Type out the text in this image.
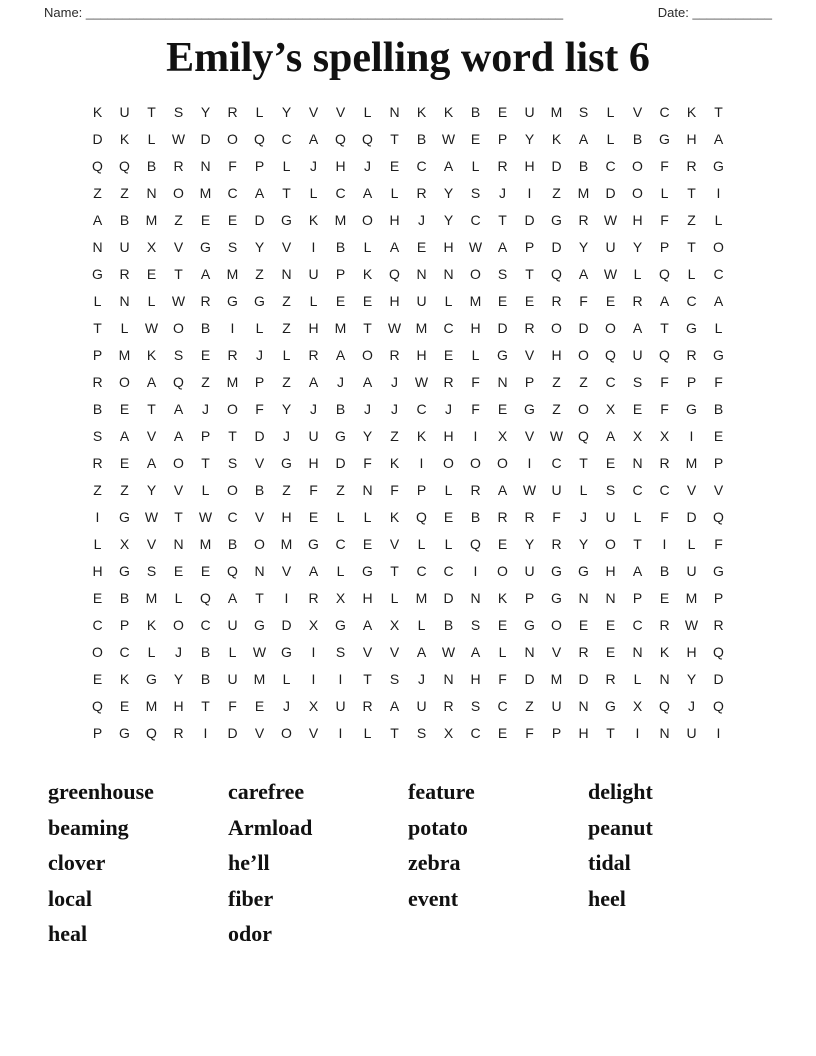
Name: __________________________________________________________________	Date: ___________
Emily’s spelling word list 6
K	U	T	S	Y	R	L	Y	V	V	L	N	K	K	B	E	U	M	S	L	V	C	K	T
D	K	L	W	D	O	Q	C	A	Q	Q	T	B	W	E	P	Y	K	A	L	B	G	H	A
Q	Q	B	R	N	F	P	L	J	H	J	E	C	A	L	R	H	D	B	C	O	F	R	G
Z	Z	N	O	M	C	A	T	L	C	A	L	R	Y	S	J	I	Z	M	D	O	L	T	I
A	B	M	Z	E	E	D	G	K	M	O	H	J	Y	C	T	D	G	R	W	H	F	Z	L
N	U	X	V	G	S	Y	V	I	B	L	A	E	H	W	A	P	D	Y	U	Y	P	T	O
G	R	E	T	A	M	Z	N	U	P	K	Q	N	N	O	S	T	Q	A	W	L	Q	L	C
L	N	L	W	R	G	G	Z	L	E	E	H	U	L	M	E	E	R	F	E	R	A	C	A
T	L	W	O	B	I	L	Z	H	M	T	W	M	C	H	D	R	O	D	O	A	T	G	L
P	M	K	S	E	R	J	L	R	A	O	R	H	E	L	G	V	H	O	Q	U	Q	R	G
R	O	A	Q	Z	M	P	Z	A	J	A	J	W	R	F	N	P	Z	Z	C	S	F	P	F
B	E	T	A	J	O	F	Y	J	B	J	J	C	J	F	E	G	Z	O	X	E	F	G	B
S	A	V	A	P	T	D	J	U	G	Y	Z	K	H	I	X	V	W	Q	A	X	X	I	E
R	E	A	O	T	S	V	G	H	D	F	K	I	O	O	O	I	C	T	E	N	R	M	P
Z	Z	Y	V	L	O	B	Z	F	Z	N	F	P	L	R	A	W	U	L	S	C	C	V	V
I	G	W	T	W	C	V	H	E	L	L	K	Q	E	B	R	R	F	J	U	L	F	D	Q
L	X	V	N	M	B	O	M	G	C	E	V	L	L	Q	E	Y	R	Y	O	T	I	L	F
H	G	S	E	E	Q	N	V	A	L	G	T	C	C	I	O	U	G	G	H	A	B	U	G
E	B	M	L	Q	A	T	I	R	X	H	L	M	D	N	K	P	G	N	N	P	E	M	P
C	P	K	O	C	U	G	D	X	G	A	X	L	B	S	E	G	O	E	E	C	R	W	R
O	C	L	J	B	L	W	G	I	S	V	V	A	W	A	L	N	V	R	E	N	K	H	Q
E	K	G	Y	B	U	M	L	I	I	T	S	J	N	H	F	D	M	D	R	L	N	Y	D
Q	E	M	H	T	F	E	J	X	U	R	A	U	R	S	C	Z	U	N	G	X	Q	J	Q
P	G	Q	R	I	D	V	O	V	I	L	T	S	X	C	E	F	P	H	T	I	N	U	I
greenhouse
beaming
clover
local
heal
carefree
Armload
he’ll
fiber
odor
feature
potato
zebra
event
delight
peanut
tidal
heel
